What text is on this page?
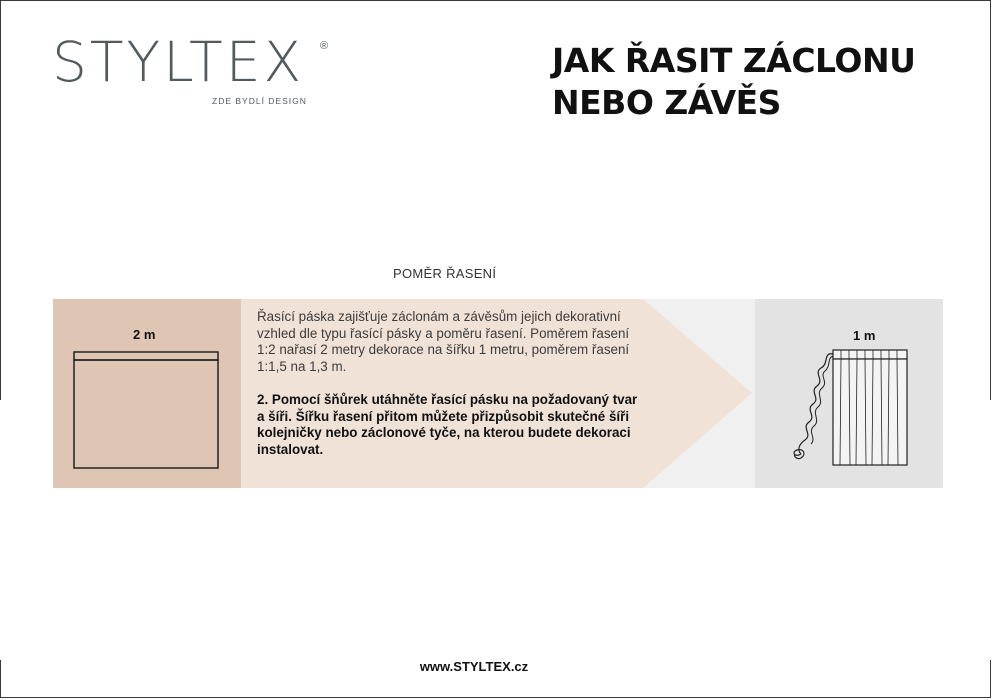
STYLTEX ®
ZDE BYDLÍ DESIGN
JAK ŘASIT ZÁCLONU
NEBO ZÁVĚS
POMĚR ŘASENÍ
2 m	1 m
Řasící páska zajišťuje záclonám a závěsům jejich dekorativní vzhled dle typu řasící pásky a poměru řasení. Poměrem řasení 1:2 nařasí 2 metry dekorace na šířku 1 metru, poměrem řasení 1:1,5 na 1,3 m.
2. Pomocí šňůrek utáhněte řasící pásku na požadovaný tvar a šíři. Šířku řasení přitom můžete přizpůsobit skutečné šíři kolejničky nebo záclonové tyče, na kterou budete dekoraci instalovat.
www.STYLTEX.cz
